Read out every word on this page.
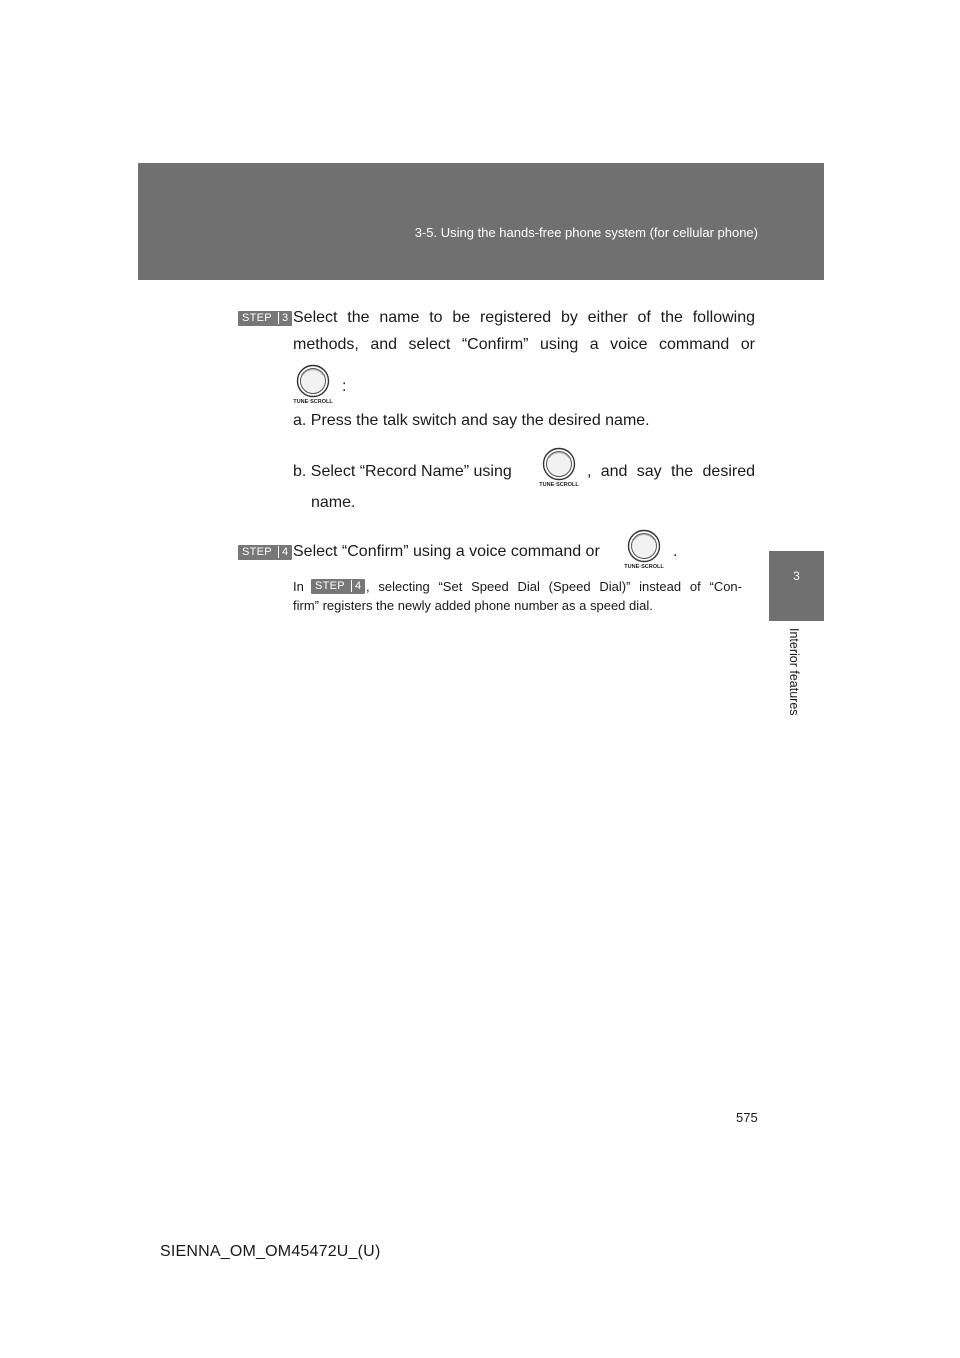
3-5. Using the hands-free phone system (for cellular phone)
3
Interior features
STEP 3 Select the name to be registered by either of the following
methods, and select “Confirm” using a voice command or
TUNE·SCROLL
:
a. Press the talk switch and say the desired name.
b. Select “Record Name” using
TUNE·SCROLL
, and say the desired
name.
STEP 4 Select “Confirm” using a voice command or
TUNE·SCROLL
.
In	STEP 4 , selecting “Set Speed Dial (Speed Dial)” instead of “Con-
firm” registers the newly added phone number as a speed dial.
575
SIENNA_OM_OM45472U_(U)
